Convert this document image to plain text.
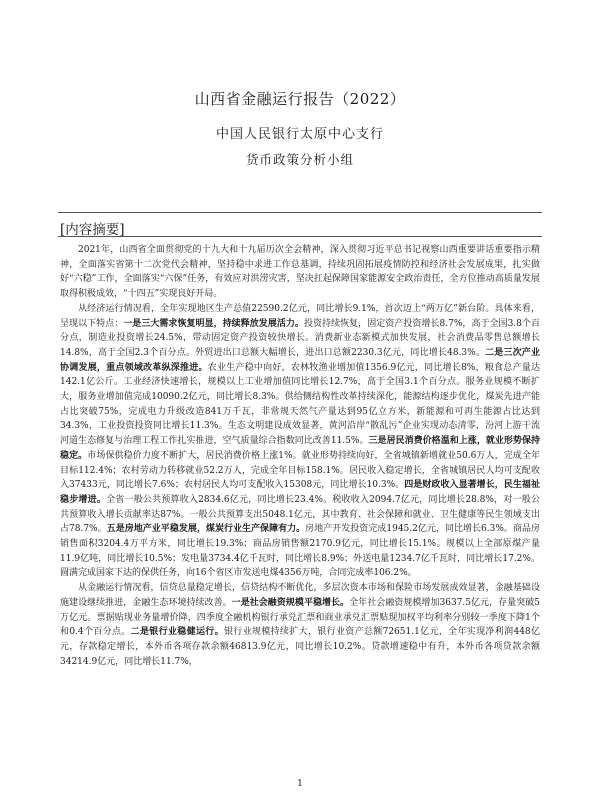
山西省金融运行报告（2022）
中国人民银行太原中心支行
货币政策分析小组
[内容摘要]

2021年，山西省全面贯彻党的十九大和十九届历次全会精神，深入贯彻习近平总书记视察山西重要讲话重要指示精神，全面落实省第十二次党代会精神，坚持稳中求进工作总基调，持续巩固拓展疫情防控和经济社会发展成果，扎实做好“六稳”工作，全面落实“六保”任务，有效应对洪涝灾害，坚决扛起保障国家能源安全政治责任，全方位推动高质量发展取得积极成效，“十四五”实现良好开局。

从经济运行情况看，全年实现地区生产总值22590.2亿元，同比增长9.1%，首次迈上“两万亿”新台阶。具体来看，呈现以下特点：一是三大需求恢复明显，持续释放发展活力。投资持续恢复，固定资产投资增长8.7%，高于全国3.8个百分点，制造业投资增长24.5%，带动固定资产投资较快增长。消费新业态新模式加快发展，社会消费品零售总额增长14.8%，高于全国2.3个百分点。外贸进出口总额大幅增长，进出口总额2230.3亿元，同比增长48.3%。二是三次产业协调发展，重点领域改革纵深推进。农业生产稳中向好，农林牧渔业增加值1356.9亿元，同比增长8%，粮食总产量达142.1亿公斤。工业经济快速增长，规模以上工业增加值同比增长12.7%，高于全国3.1个百分点。服务业规模不断扩大，服务业增加值完成10090.2亿元，同比增长8.3%。供给侧结构性改革持续深化，能源结构逐步优化，煤炭先进产能占比突破75%，完成电力升级改造841万千瓦，非常规天然气产量达到95亿立方米，新能源和可再生能源占比达到34.3%，工业投资投资同比增长11.3%。生态文明建设成效显著，黄河沿岸“散乱污”企业实现动态清零，汾河上游干流河道生态修复与治理工程工作扎实推进，空气质量综合指数同比改善11.5%。三是居民消费价格温和上涨，就业形势保持稳定。市场保供稳价力度不断扩大，居民消费价格上涨1%。就业形势持续向好，全省城镇新增就业50.6万人，完成全年目标112.4%；农村劳动力转移就业52.2万人，完成全年目标158.1%。居民收入稳定增长，全省城镇居民人均可支配收入37433元，同比增长7.6%；农村居民人均可支配收入15308元，同比增长10.3%。四是财政收入显著增长，民生福祉稳步增进。全省一般公共预算收入2834.6亿元，同比增长23.4%。税收收入2094.7亿元，同比增长28.8%，对一般公共预算收入增长贡献率达87%。一般公共预算支出5048.1亿元，其中教育、社会保障和就业、卫生健康等民生领域支出占78.7%。五是房地产业平稳发展，煤炭行业生产保障有力。房地产开发投资完成1945.2亿元，同比增长6.3%。商品房销售面积3204.4万平方米，同比增长19.3%；商品房销售额2170.9亿元，同比增长15.1%。规模以上全部原煤产量11.9亿吨，同比增长10.5%；发电量3734.4亿千瓦时，同比增长8.9%；外送电量1234.7亿千瓦时，同比增长17.2%。圆满完成国家下达的保供任务，向16个省区市发送电煤4356万吨，合同完成率106.2%。

从金融运行情况看，信贷总量稳定增长，信贷结构不断优化，多层次资本市场和保险市场发展成效显著，金融基础设施建设继续推进，金融生态环境持续改善。一是社会融资规模平稳增长。全年社会融资规模增加3637.5亿元，存量突破5万亿元。票据贴现业务量增价降，四季度全融机构银行承兑汇票和商业承兑汇票贴现加权平均利率分别较一季度下降1个和0.4个百分点。二是银行业稳健运行。银行业规模持续扩大，银行业资产总额72651.1亿元，全年实现净利润448亿元，存款稳定增长，本外币各项存款余额46813.9亿元，同比增长10.2%。贷款增速稳中有升，本外币各项贷款余额34214.9亿元，同比增长11.7%，

1
